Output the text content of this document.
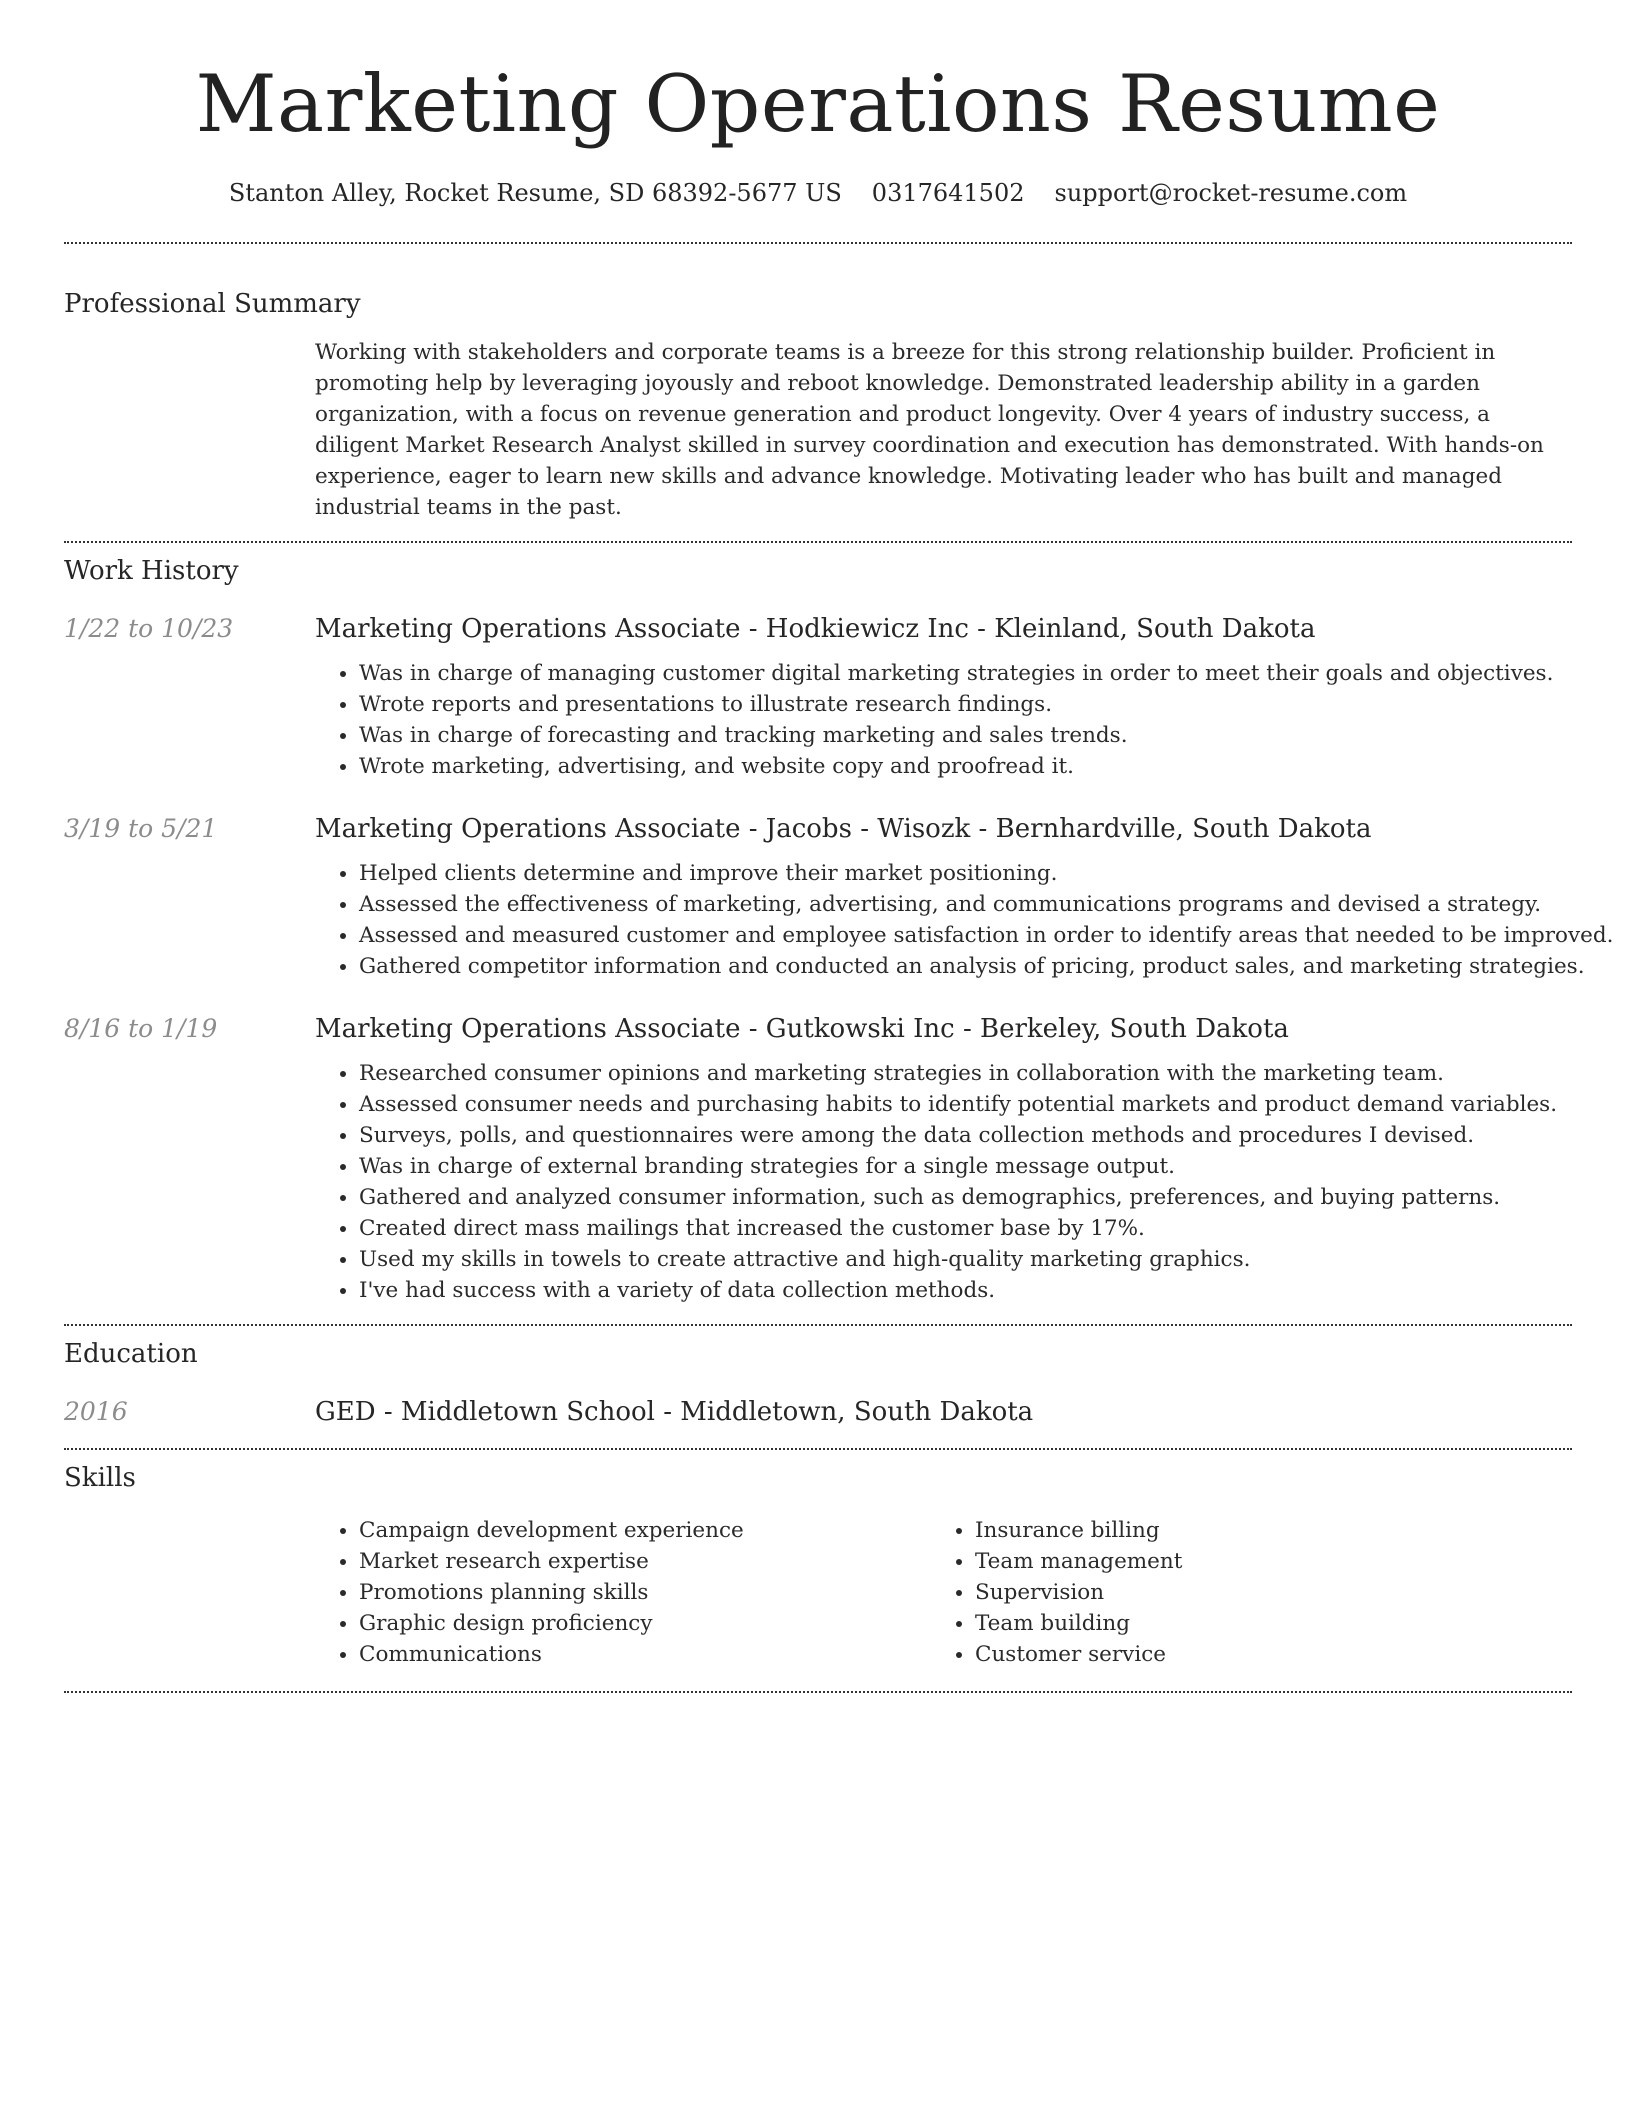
Marketing Operations Resume
Stanton Alley, Rocket Resume, SD 68392-5677 US 0317641502 support@rocket-resume.com
Professional Summary
Working with stakeholders and corporate teams is a breeze for this strong relationship builder. Proficient in promoting help by leveraging joyously and reboot knowledge. Demonstrated leadership ability in a garden organization, with a focus on revenue generation and product longevity. Over 4 years of industry success, a diligent Market Research Analyst skilled in survey coordination and execution has demonstrated. With hands-on experience, eager to learn new skills and advance knowledge. Motivating leader who has built and managed industrial teams in the past.
Work History
1/22 to 10/23	Marketing Operations Associate - Hodkiewicz Inc - Kleinland, South Dakota
• Was in charge of managing customer digital marketing strategies in order to meet their goals and objectives.
• Wrote reports and presentations to illustrate research findings.
• Was in charge of forecasting and tracking marketing and sales trends.
• Wrote marketing, advertising, and website copy and proofread it.
3/19 to 5/21	Marketing Operations Associate - Jacobs - Wisozk - Bernhardville, South Dakota
• Helped clients determine and improve their market positioning.
• Assessed the effectiveness of marketing, advertising, and communications programs and devised a strategy.
• Assessed and measured customer and employee satisfaction in order to identify areas that needed to be improved.
• Gathered competitor information and conducted an analysis of pricing, product sales, and marketing strategies.
8/16 to 1/19	Marketing Operations Associate - Gutkowski Inc - Berkeley, South Dakota
• Researched consumer opinions and marketing strategies in collaboration with the marketing team.
• Assessed consumer needs and purchasing habits to identify potential markets and product demand variables.
• Surveys, polls, and questionnaires were among the data collection methods and procedures I devised.
• Was in charge of external branding strategies for a single message output.
• Gathered and analyzed consumer information, such as demographics, preferences, and buying patterns.
• Created direct mass mailings that increased the customer base by 17%.
• Used my skills in towels to create attractive and high-quality marketing graphics.
• I've had success with a variety of data collection methods.
Education
2016	GED - Middletown School - Middletown, South Dakota
Skills
• Campaign development experience
• Market research expertise
• Promotions planning skills
• Graphic design proficiency
• Communications
• Insurance billing
• Team management
• Supervision
• Team building
• Customer service
